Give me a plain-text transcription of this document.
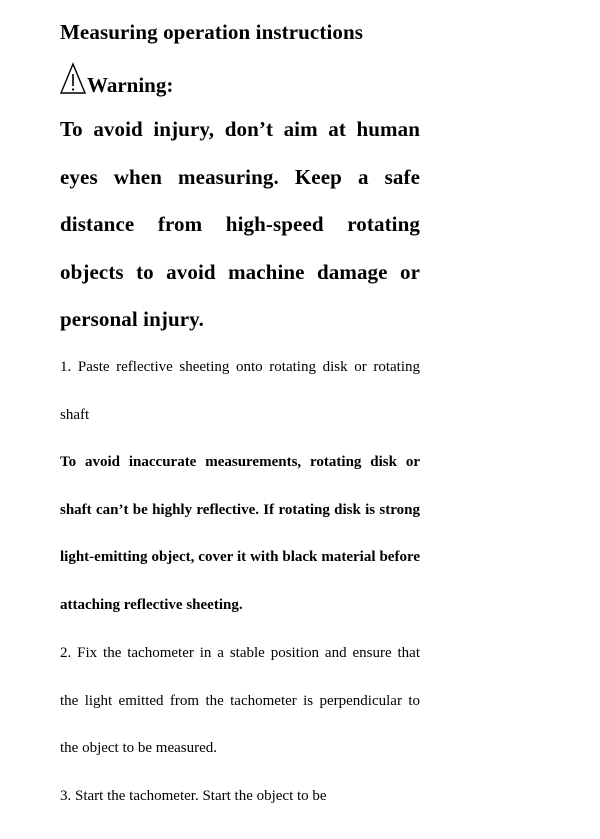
Measuring operation instructions
Warning:
To avoid injury, don’t aim at human eyes when measuring. Keep a safe distance from high-speed rotating objects to avoid machine damage or personal injury.
1. Paste reflective sheeting onto rotating disk or rotating shaft
To avoid inaccurate measurements, rotating disk or shaft can’t be highly reflective. If rotating disk is strong light-emitting object, cover it with black material before attaching reflective sheeting.
2. Fix the tachometer in a stable position and ensure that the light emitted from the tachometer is perpendicular to the object to be measured.
3. Start the tachometer. Start the object to be
